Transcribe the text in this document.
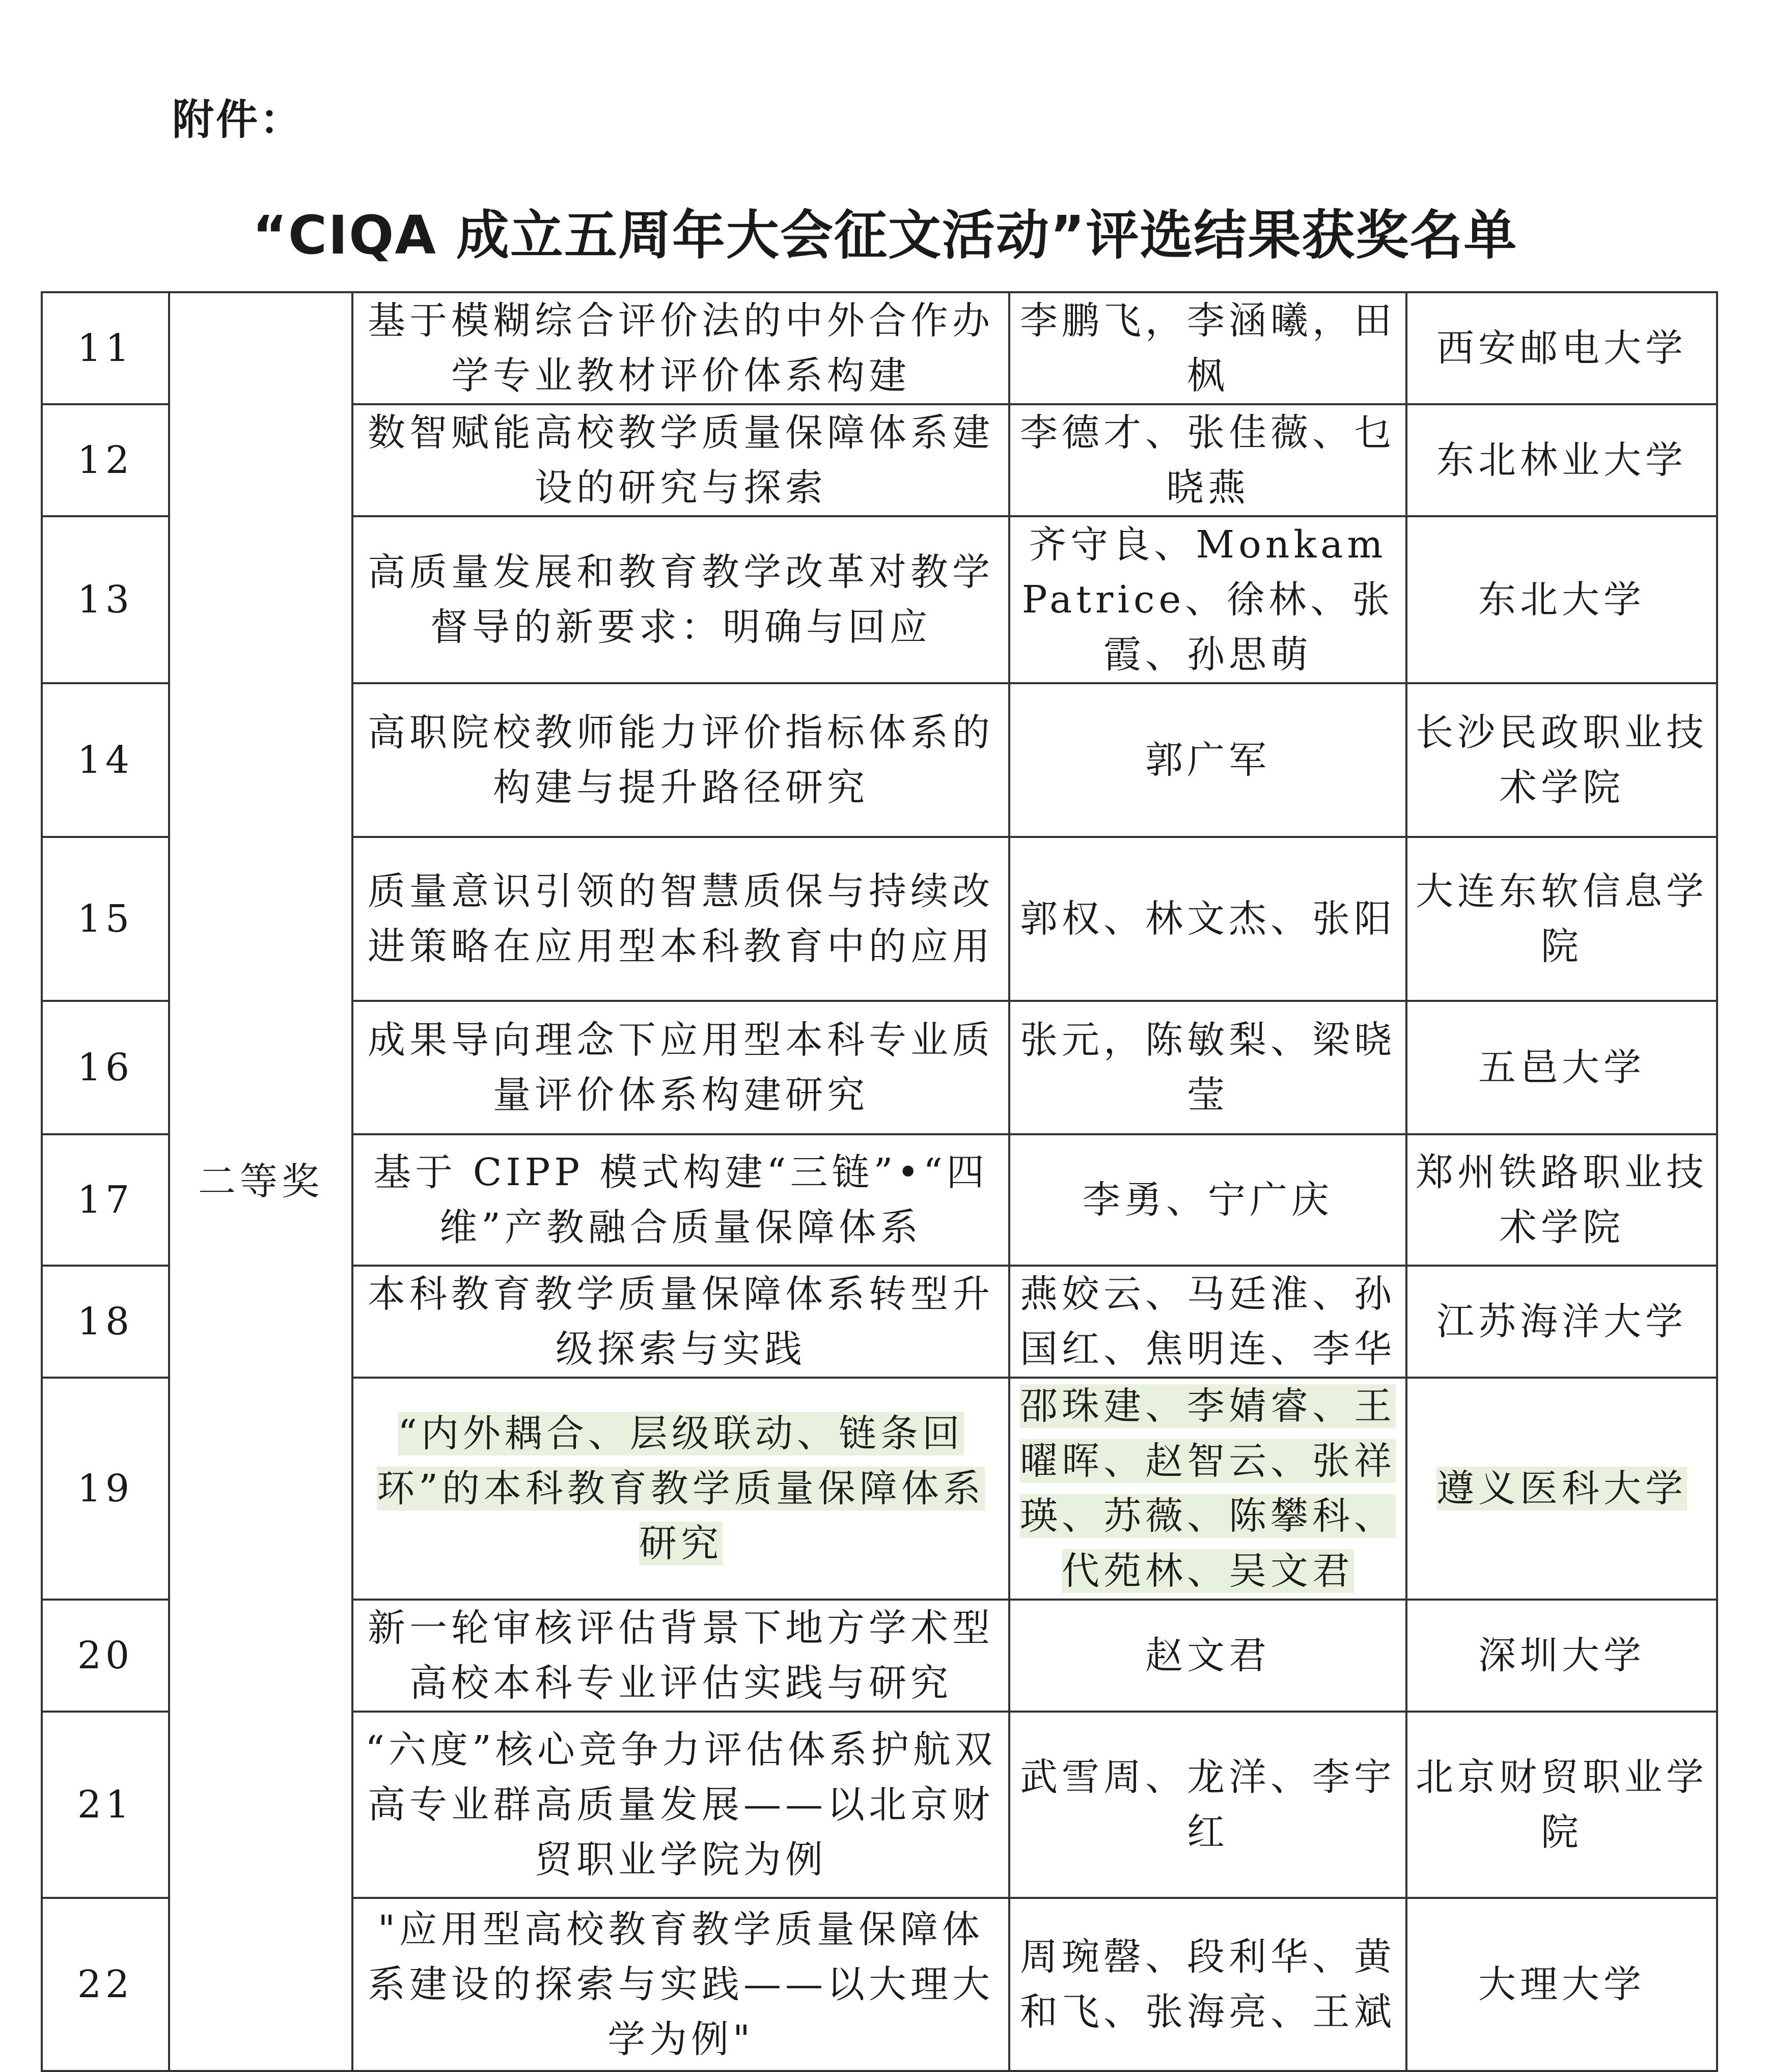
附件：
“CIQA 成立五周年大会征文活动”评选结果获奖名单
11	二等奖	基于模糊综合评价法的中外合作办学专业教材评价体系构建	李鹏飞，李涵曦，田枫	西安邮电大学
12		数智赋能高校教学质量保障体系建设的研究与探索	李德才、张佳薇、乜晓燕	东北林业大学
13		高质量发展和教育教学改革对教学督导的新要求：明确与回应	齐守良、MonkamPatrice、徐林、张霞、孙思萌	东北大学
14		高职院校教师能力评价指标体系的构建与提升路径研究	郭广军	长沙民政职业技术学院
15		质量意识引领的智慧质保与持续改进策略在应用型本科教育中的应用	郭权、林文杰、张阳	大连东软信息学院
16		成果导向理念下应用型本科专业质量评价体系构建研究	张元，陈敏梨、梁晓莹	五邑大学
17		基于 CIPP 模式构建“三链”•“四维”产教融合质量保障体系	李勇、宁广庆	郑州铁路职业技术学院
18		本科教育教学质量保障体系转型升级探索与实践	燕姣云、马廷淮、孙国红、焦明连、李华	江苏海洋大学
19		“内外耦合、层级联动、链条回环”的本科教育教学质量保障体系研究	邵珠建、李婧睿、王曜晖、赵智云、张祥瑛、苏薇、陈攀科、代苑林、吴文君	遵义医科大学
20		新一轮审核评估背景下地方学术型高校本科专业评估实践与研究	赵文君	深圳大学
21		“六度”核心竞争力评估体系护航双高专业群高质量发展——以北京财贸职业学院为例	武雪周、龙洋、李宇红	北京财贸职业学院
22		"应用型高校教育教学质量保障体系建设的探索与实践——以大理大学为例"	周琬罄、段利华、黄和飞、张海亮、王斌	大理大学
